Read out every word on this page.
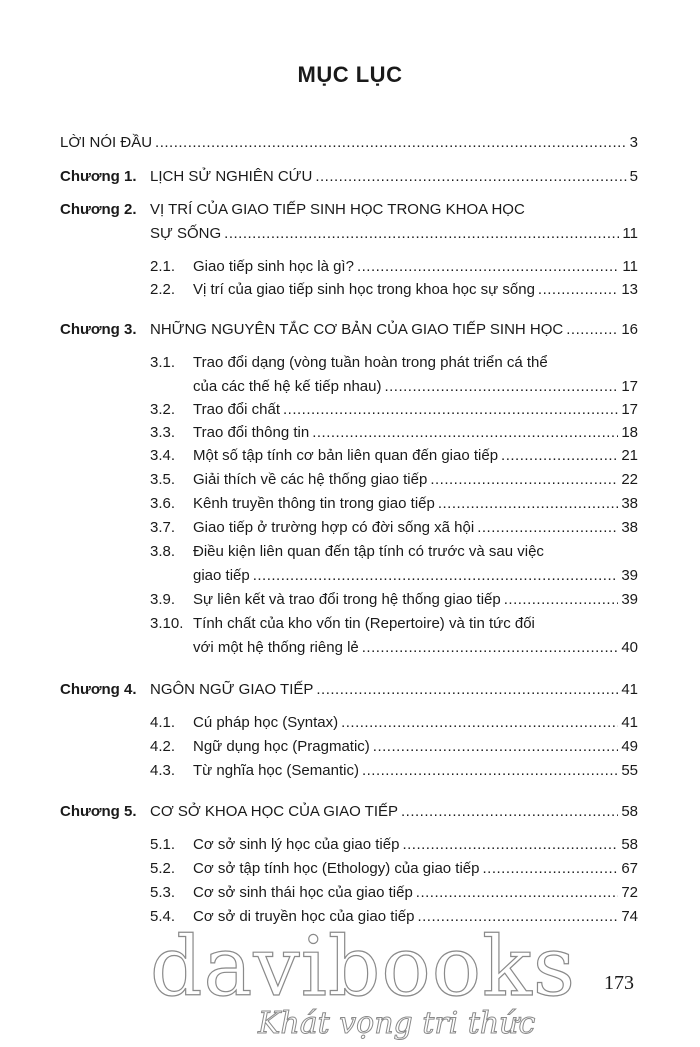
MỤC LỤC
LỜI NÓI ĐẦU .....	3
Chương 1. LỊCH SỬ NGHIÊN CỨU .....	5
Chương 2. VỊ TRÍ CỦA GIAO TIẾP SINH HỌC TRONG KHOA HỌC
SỰ SỐNG .....	11
2.1. Giao tiếp sinh học là gì? .....	11
2.2. Vị trí của giao tiếp sinh học trong khoa học sự sống .....	13
Chương 3. NHỮNG NGUYÊN TẮC CƠ BẢN CỦA GIAO TIẾP SINH HỌC .....	16
3.1. Trao đổi dạng (vòng tuần hoàn trong phát triển cá thể
của các thế hệ kế tiếp nhau) .....	17
3.2. Trao đổi chất .....	17
3.3. Trao đổi thông tin .....	18
3.4. Một số tập tính cơ bản liên quan đến giao tiếp .....	21
3.5. Giải thích về các hệ thống giao tiếp .....	22
3.6. Kênh truyền thông tin trong giao tiếp .....	38
3.7. Giao tiếp ở trường hợp có đời sống xã hội .....	38
3.8. Điều kiện liên quan đến tập tính có trước và sau việc
giao tiếp .....	39
3.9. Sự liên kết và trao đổi trong hệ thống giao tiếp .....	39
3.10. Tính chất của kho vốn tin (Repertoire) và tin tức đối
với một hệ thống riêng lẻ .....	40
Chương 4. NGÔN NGỮ GIAO TIẾP .....	41
4.1. Cú pháp học (Syntax) .....	41
4.2. Ngữ dụng học (Pragmatic) .....	49
4.3. Từ nghĩa học (Semantic) .....	55
Chương 5. CƠ SỞ KHOA HỌC CỦA GIAO TIẾP .....	58
5.1. Cơ sở sinh lý học của giao tiếp .....	58
5.2. Cơ sở tập tính học (Ethology) của giao tiếp .....	67
5.3. Cơ sở sinh thái học của giao tiếp .....	72
5.4. Cơ sở di truyền học của giao tiếp .....	74
davibooks
Khát vọng tri thức
173
